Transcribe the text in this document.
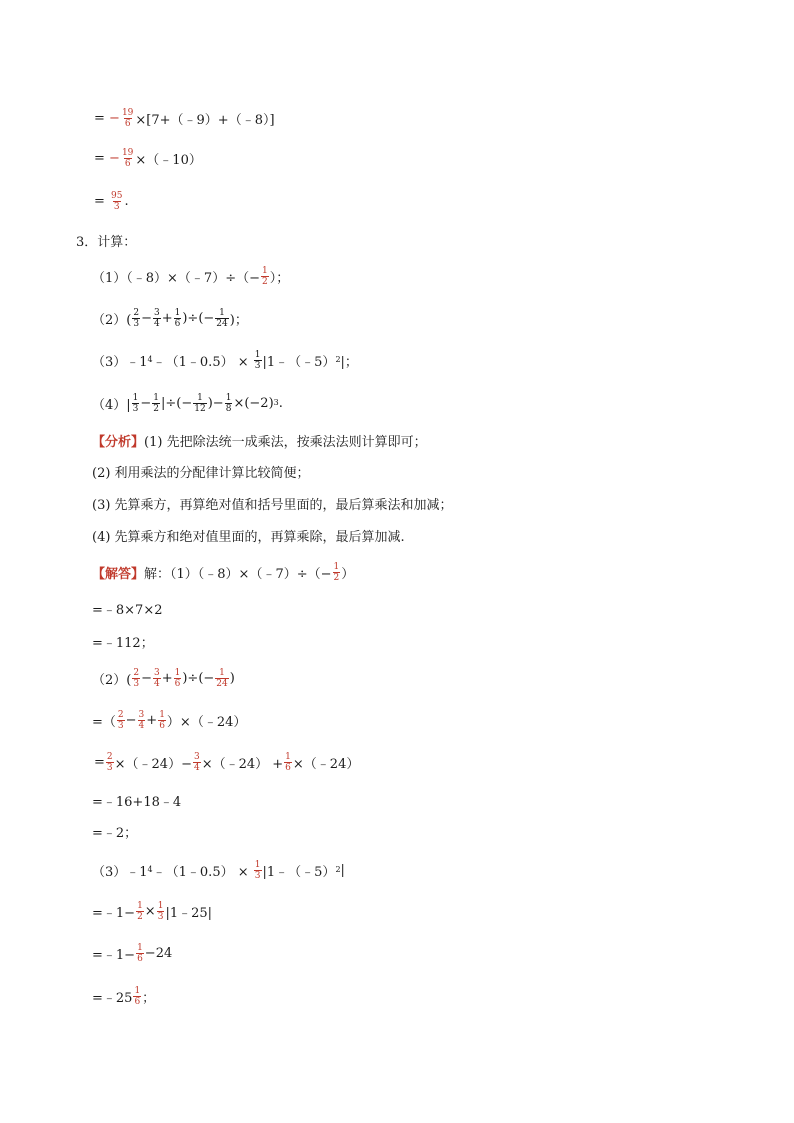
=
− $\frac{19}{6}$ ×[7+（﹣9）+（﹣8）]
=
− $\frac{19}{6}$ ×（﹣10）
=
$\frac{95}{3}$ .
3．计算：
（1）（﹣8）×（﹣7）÷（− $\frac{1}{2}$ ）；
$(2)( \frac{2}{3} - \frac{3}{4} + \frac{1}{6}$ )÷(− $\frac{1}{24}$ )；
（3）﹣1 4 ﹣（1﹣0.5） ×
$\frac{1}{3}$ |1﹣（﹣5） 2 |；
$(4)| \frac{1}{3} - \frac{1}{2}$ |÷(− $\frac{1}{12}$ )− $\frac{1}{8} \times(-2)$ 3 .
【分析】 (1) 先把除法统一成乘法，按乘法法则计算即可；
(2) 利用乘法的分配律计算比较简便；
(3) 先算乘方，再算绝对值和括号里面的，最后算乘法和加减；
(4) 先算乘方和绝对值里面的，再算乘除，最后算加减.
【解答】 解：（1）（﹣8）×（﹣7）÷（− $\frac{1}{2}$ ）
=﹣8×7×2
=﹣112；
$(2)( \frac{2}{3} - \frac{3}{4} + \frac{1}{6}$ )÷(− $\frac{1}{24}$ )
=（ $\frac{2}{3} - \frac{3}{4} + \frac{1}{6}$ ）×（﹣24）
= $\frac{2}{3}$ ×（﹣24）− $\frac{3}{4}$ ×（﹣24） + $\frac{1}{6}$ ×（﹣24）
=﹣16+18﹣4
=﹣2；
（3）﹣1 4 ﹣（1﹣0.5） ×
$\frac{1}{3}$ |1﹣（﹣5） 2 |
=﹣1− $\frac{1}{2} \times \frac{1}{3}$ |1﹣25|
=﹣1− $\frac{1}{6} -24$
=﹣25 $\frac{1}{6}$ ；
